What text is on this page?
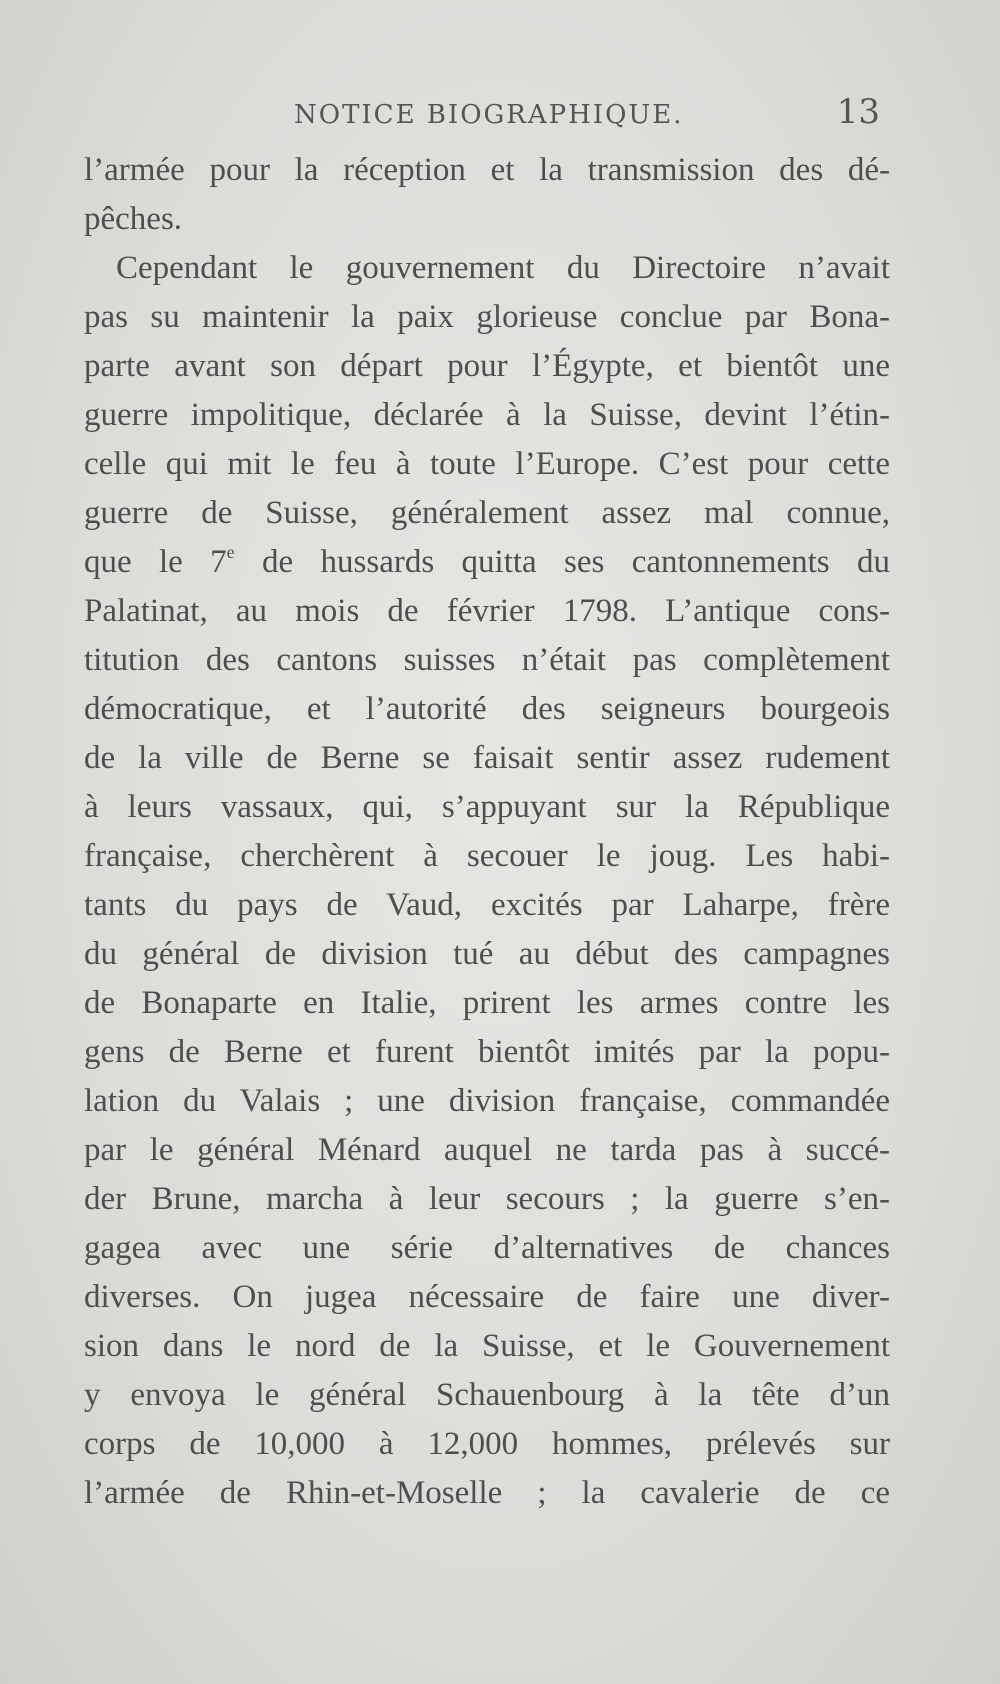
NOTICE BIOGRAPHIQUE.	13
l’armée pour la réception et la transmission des dé-
pêches.
Cependant le gouvernement du Directoire n’avait
pas su maintenir la paix glorieuse conclue par Bona-
parte avant son départ pour l’Égypte, et bientôt une
guerre impolitique, déclarée à la Suisse, devint l’étin-
celle qui mit le feu à toute l’Europe. C’est pour cette
guerre de Suisse, généralement assez mal connue,
que le 7e de hussards quitta ses cantonnements du
Palatinat, au mois de février 1798. L’antique cons-
titution des cantons suisses n’était pas complètement
démocratique, et l’autorité des seigneurs bourgeois
de la ville de Berne se faisait sentir assez rudement
à leurs vassaux, qui, s’appuyant sur la République
française, cherchèrent à secouer le joug. Les habi-
tants du pays de Vaud, excités par Laharpe, frère
du général de division tué au début des campagnes
de Bonaparte en Italie, prirent les armes contre les
gens de Berne et furent bientôt imités par la popu-
lation du Valais ; une division française, commandée
par le général Ménard auquel ne tarda pas à succé-
der Brune, marcha à leur secours ; la guerre s’en-
gagea avec une série d’alternatives de chances
diverses. On jugea nécessaire de faire une diver-
sion dans le nord de la Suisse, et le Gouvernement
y envoya le général Schauenbourg à la tête d’un
corps de 10,000 à 12,000 hommes, prélevés sur
l’armée de Rhin-et-Moselle ; la cavalerie de ce
